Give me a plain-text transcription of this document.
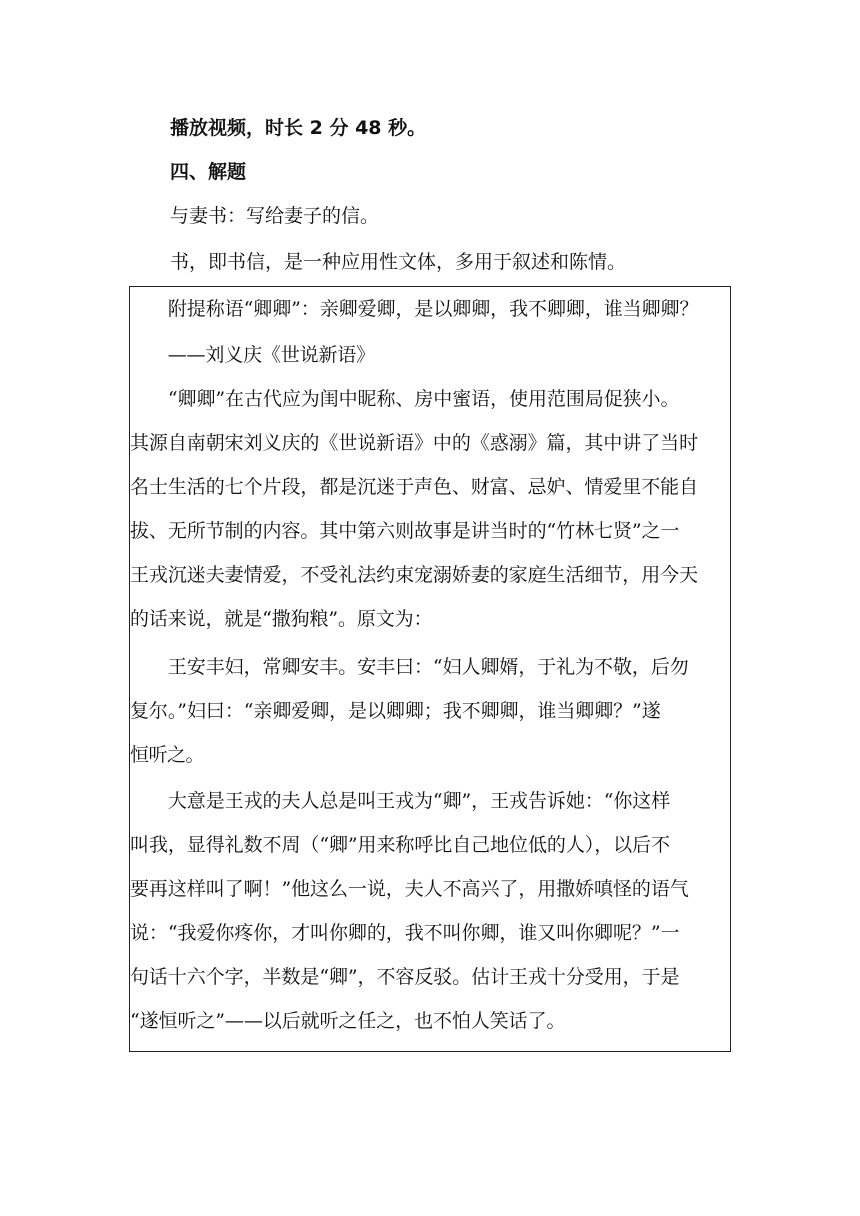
播放视频，时长 2 分 48 秒。
四、解题
与妻书：写给妻子的信。
书，即书信，是一种应用性文体，多用于叙述和陈情。
　　附提称语“卿卿”：亲卿爱卿，是以卿卿，我不卿卿，谁当卿卿？
　　——刘义庆《世说新语》
　　“卿卿”在古代应为闺中昵称、房中蜜语，使用范围局促狭小。
其源自南朝宋刘义庆的《世说新语》中的《惑溺》篇，其中讲了当时
名士生活的七个片段，都是沉迷于声色、财富、忌妒、情爱里不能自
拔、无所节制的内容。其中第六则故事是讲当时的“竹林七贤”之一
王戎沉迷夫妻情爱，不受礼法约束宠溺娇妻的家庭生活细节，用今天
的话来说，就是“撒狗粮”。原文为：
　　王安丰妇，常卿安丰。安丰曰：“妇人卿婿，于礼为不敬，后勿
复尔。”妇曰：“亲卿爱卿，是以卿卿；我不卿卿，谁当卿卿？”遂
恒听之。
　　大意是王戎的夫人总是叫王戎为“卿”，王戎告诉她：“你这样
叫我，显得礼数不周（“卿”用来称呼比自己地位低的人），以后不
要再这样叫了啊！”他这么一说，夫人不高兴了，用撒娇嗔怪的语气
说：“我爱你疼你，才叫你卿的，我不叫你卿，谁又叫你卿呢？”一
句话十六个字，半数是“卿”，不容反驳。估计王戎十分受用，于是
“遂恒听之”——以后就听之任之，也不怕人笑话了。
